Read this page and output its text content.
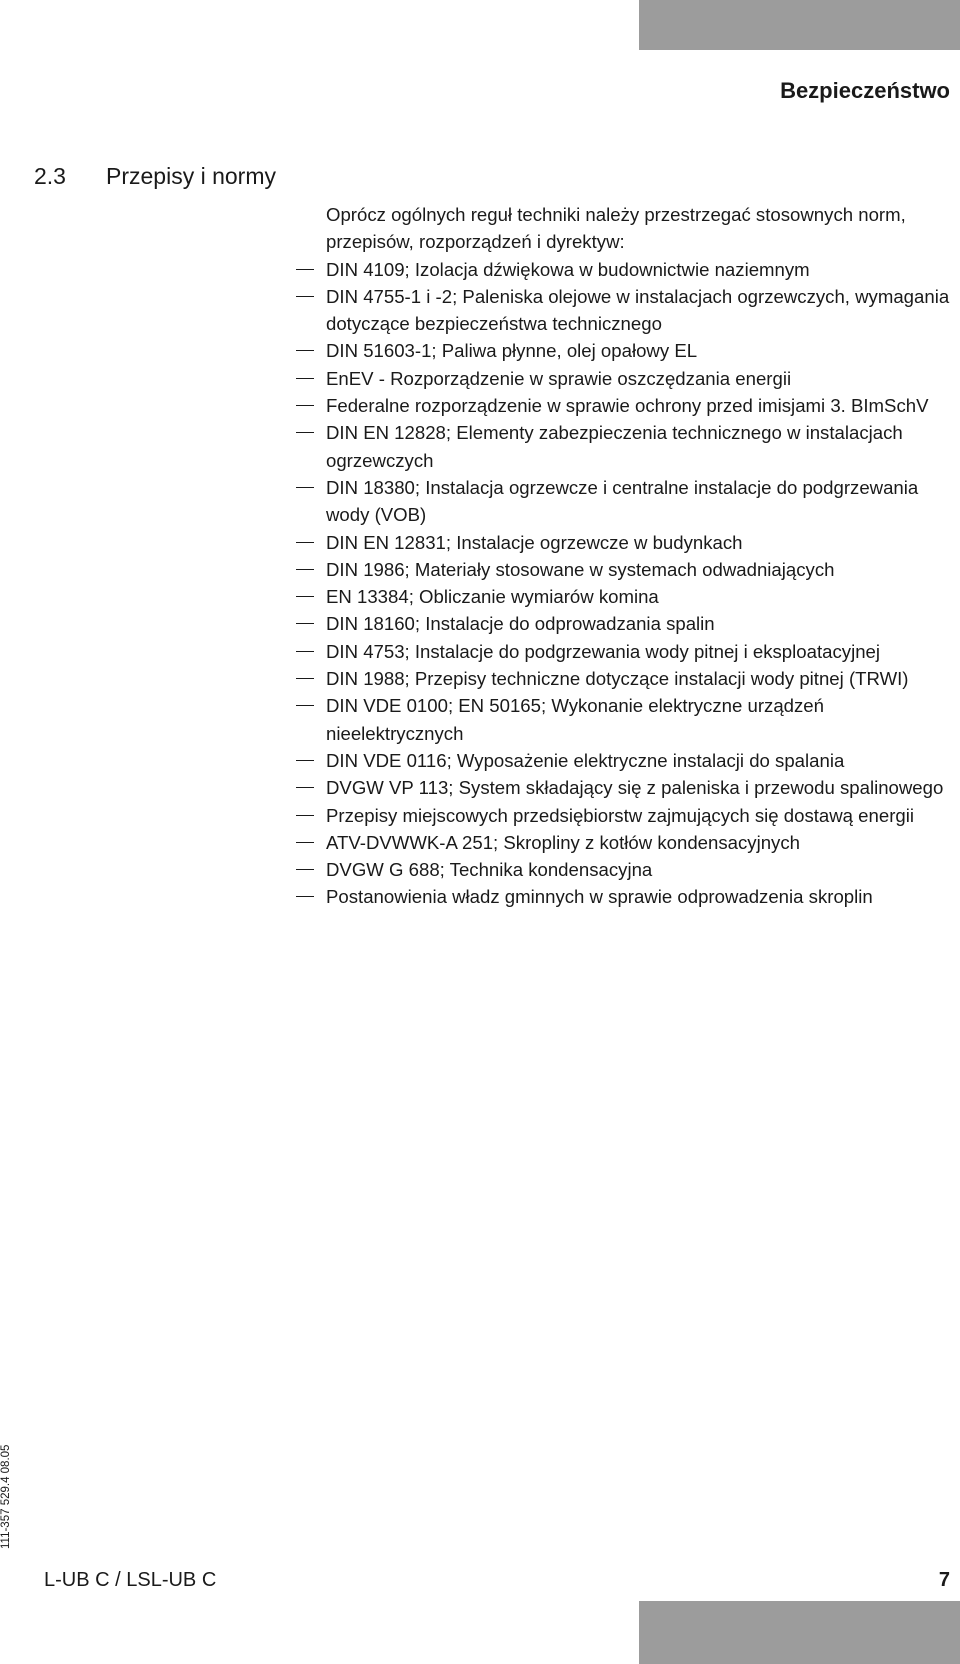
Bezpieczeństwo
2.3 Przepisy i normy

Oprócz ogólnych reguł techniki należy przestrzegać stosownych norm, przepisów, rozporządzeń i dyrektyw:

DIN 4109; Izolacja dźwiękowa w budownictwie naziemnym
DIN 4755-1 i -2; Paleniska olejowe w instalacjach ogrzewczych, wymagania dotyczące bezpieczeństwa technicznego
DIN 51603-1; Paliwa płynne, olej opałowy EL
EnEV - Rozporządzenie w sprawie oszczędzania energii
Federalne rozporządzenie w sprawie ochrony przed imisjami 3. BImSchV
DIN EN 12828; Elementy zabezpieczenia technicznego w instalacjach ogrzewczych
DIN 18380; Instalacja ogrzewcze i centralne instalacje do podgrzewania wody (VOB)
DIN EN 12831; Instalacje ogrzewcze w budynkach
DIN 1986; Materiały stosowane w systemach odwadniających
EN 13384; Obliczanie wymiarów komina
DIN 18160; Instalacje do odprowadzania spalin
DIN 4753; Instalacje do podgrzewania wody pitnej i eksploatacyjnej
DIN 1988; Przepisy techniczne dotyczące instalacji wody pitnej (TRWI)
DIN VDE 0100; EN 50165; Wykonanie elektryczne urządzeń nieelektrycznych
DIN VDE 0116; Wyposażenie elektryczne instalacji do spalania
DVGW VP 113; System składający się z paleniska i przewodu spalinowego
Przepisy miejscowych przedsiębiorstw zajmujących się dostawą energii
ATV-DVWWK-A 251; Skropliny z kotłów kondensacyjnych
DVGW G 688; Technika kondensacyjna
Postanowienia władz gminnych w sprawie odprowadzenia skroplin
111-357 529.4 08.05
L-UB C / LSL-UB C	7
